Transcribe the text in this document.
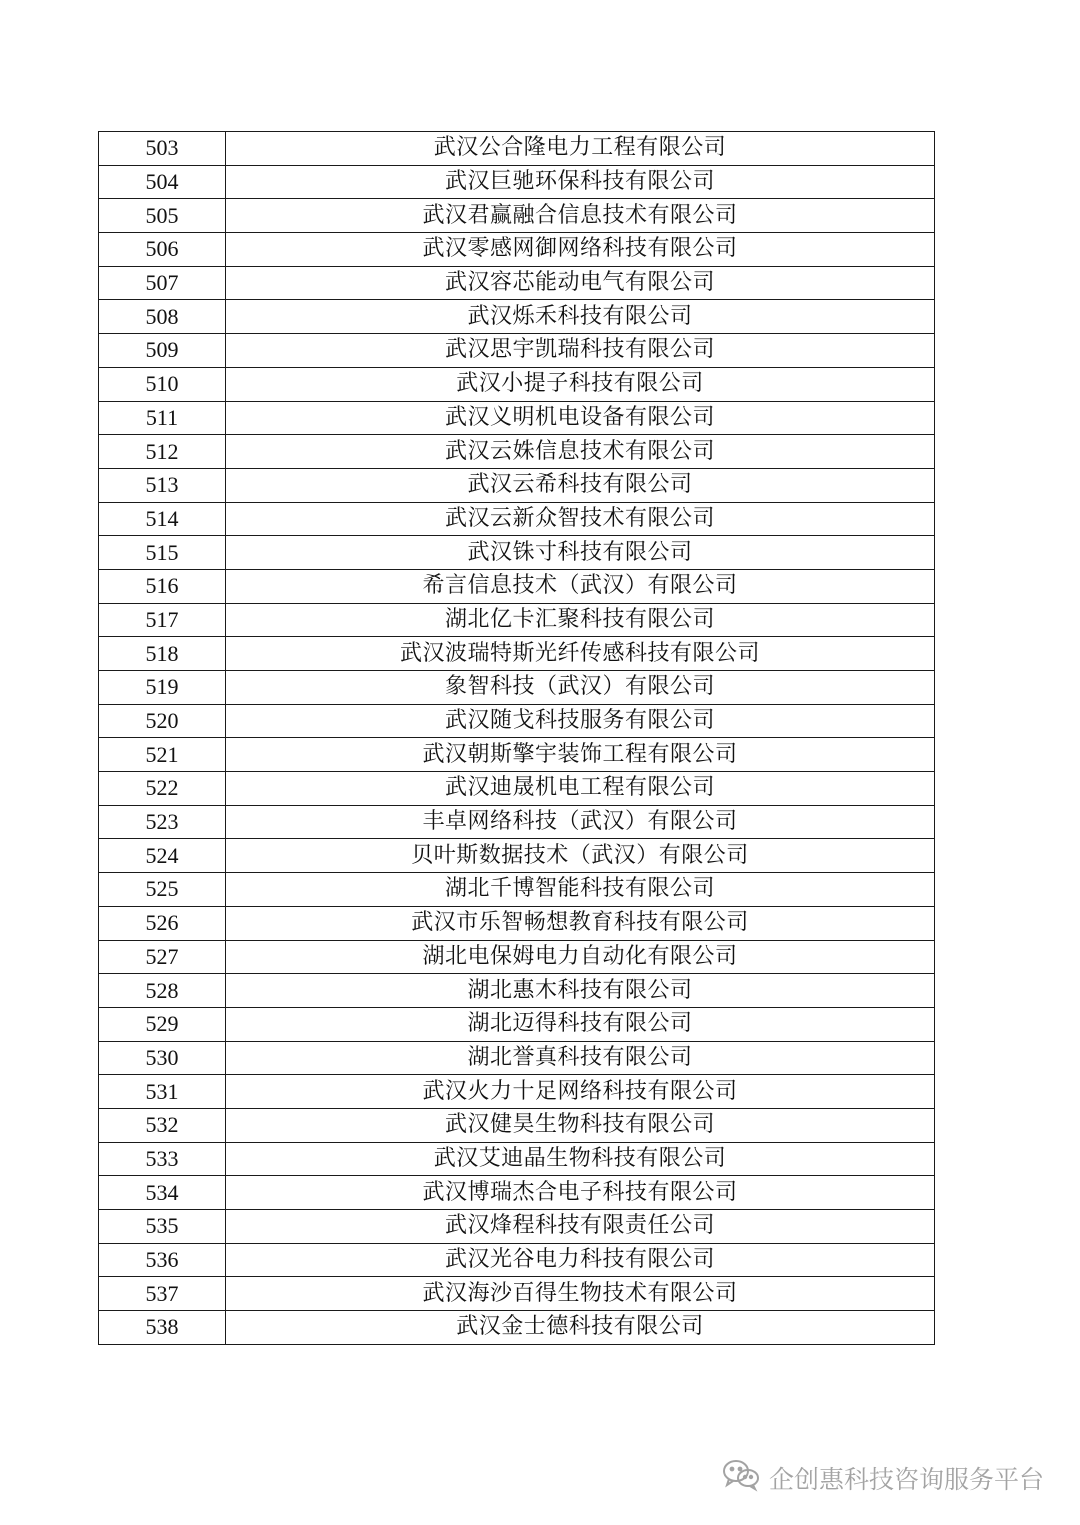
503	武汉公合隆电力工程有限公司
504	武汉巨驰环保科技有限公司
505	武汉君赢融合信息技术有限公司
506	武汉零感网御网络科技有限公司
507	武汉容芯能动电气有限公司
508	武汉烁禾科技有限公司
509	武汉思宇凯瑞科技有限公司
510	武汉小提子科技有限公司
511	武汉义明机电设备有限公司
512	武汉云姝信息技术有限公司
513	武汉云希科技有限公司
514	武汉云新众智技术有限公司
515	武汉铢寸科技有限公司
516	希言信息技术（武汉）有限公司
517	湖北亿卡汇聚科技有限公司
518	武汉波瑞特斯光纤传感科技有限公司
519	象智科技（武汉）有限公司
520	武汉随戈科技服务有限公司
521	武汉朝斯擎宇装饰工程有限公司
522	武汉迪晟机电工程有限公司
523	丰卓网络科技（武汉）有限公司
524	贝叶斯数据技术（武汉）有限公司
525	湖北千博智能科技有限公司
526	武汉市乐智畅想教育科技有限公司
527	湖北电保姆电力自动化有限公司
528	湖北惠木科技有限公司
529	湖北迈得科技有限公司
530	湖北誉真科技有限公司
531	武汉火力十足网络科技有限公司
532	武汉健昊生物科技有限公司
533	武汉艾迪晶生物科技有限公司
534	武汉博瑞杰合电子科技有限公司
535	武汉烽程科技有限责任公司
536	武汉光谷电力科技有限公司
537	武汉海沙百得生物技术有限公司
538	武汉金士德科技有限公司
企创惠科技咨询服务平台
